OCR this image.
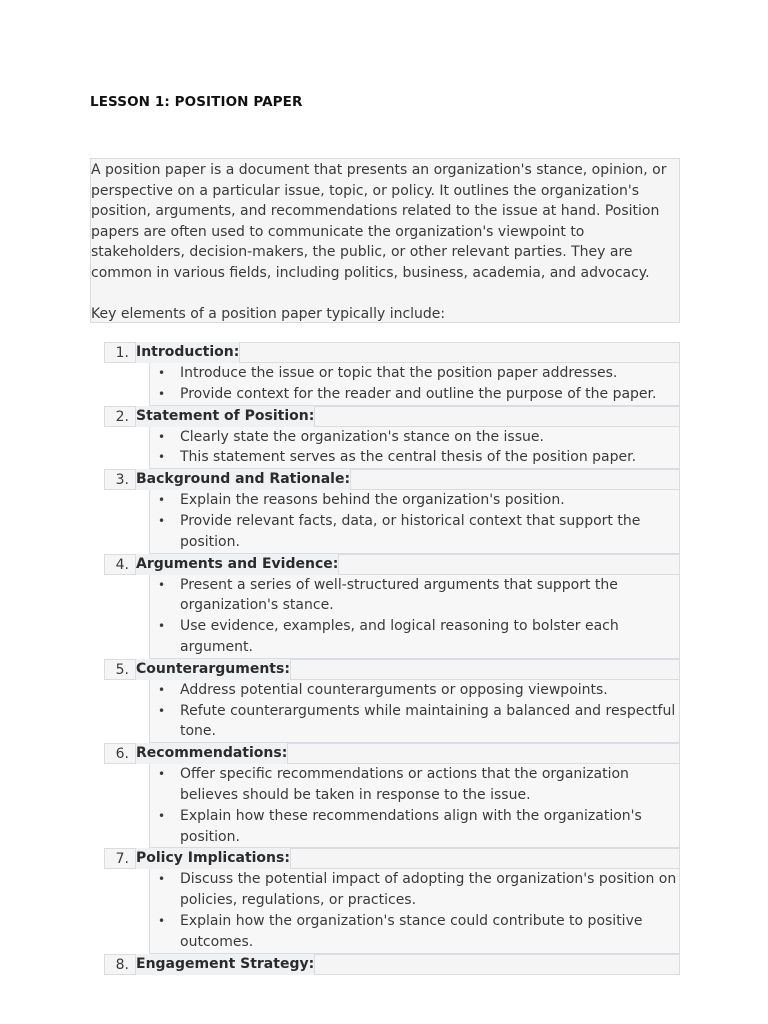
LESSON 1: POSITION PAPER

A position paper is a document that presents an organization's stance, opinion, or perspective on a particular issue, topic, or policy. It outlines the organization's position, arguments, and recommendations related to the issue at hand. Position papers are often used to communicate the organization's viewpoint to stakeholders, decision-makers, the public, or other relevant parties. They are common in various fields, including politics, business, academia, and advocacy.

Key elements of a position paper typically include:

1. Introduction:
• Introduce the issue or topic that the position paper addresses.
• Provide context for the reader and outline the purpose of the paper.
2. Statement of Position:
• Clearly state the organization's stance on the issue.
• This statement serves as the central thesis of the position paper.
3. Background and Rationale:
• Explain the reasons behind the organization's position.
• Provide relevant facts, data, or historical context that support the position.
4. Arguments and Evidence:
• Present a series of well-structured arguments that support the organization's stance.
• Use evidence, examples, and logical reasoning to bolster each argument.
5. Counterarguments:
• Address potential counterarguments or opposing viewpoints.
• Refute counterarguments while maintaining a balanced and respectful tone.
6. Recommendations:
• Offer specific recommendations or actions that the organization believes should be taken in response to the issue.
• Explain how these recommendations align with the organization's position.
7. Policy Implications:
• Discuss the potential impact of adopting the organization's position on policies, regulations, or practices.
• Explain how the organization's stance could contribute to positive outcomes.
8. Engagement Strategy:
